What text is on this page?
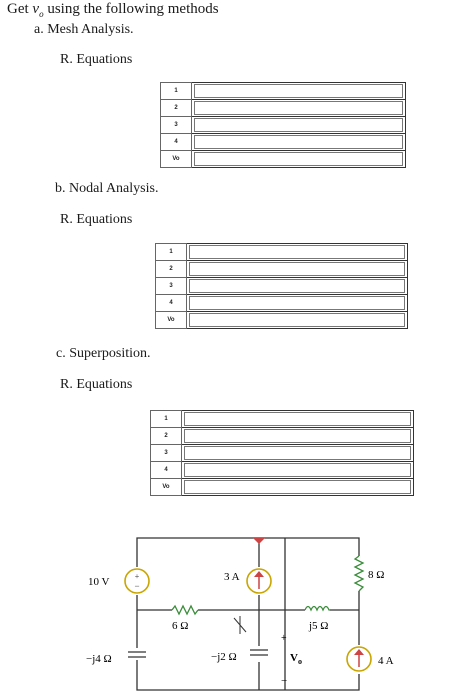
Get $v_o$ using the following methods
a. Mesh Analysis.
R. Equations
1	

2	

3	

4	

Vo	
b. Nodal Analysis.
R. Equations
1	

2	

3	

4	

Vo	
c. Superposition.
R. Equations
1	

2	

3	

4	

Vo	
+
−
10 V
−j4 Ω
6 Ω
3 A
−j2 Ω
+
$V_o$
−
j5 Ω
8 Ω
4 A
